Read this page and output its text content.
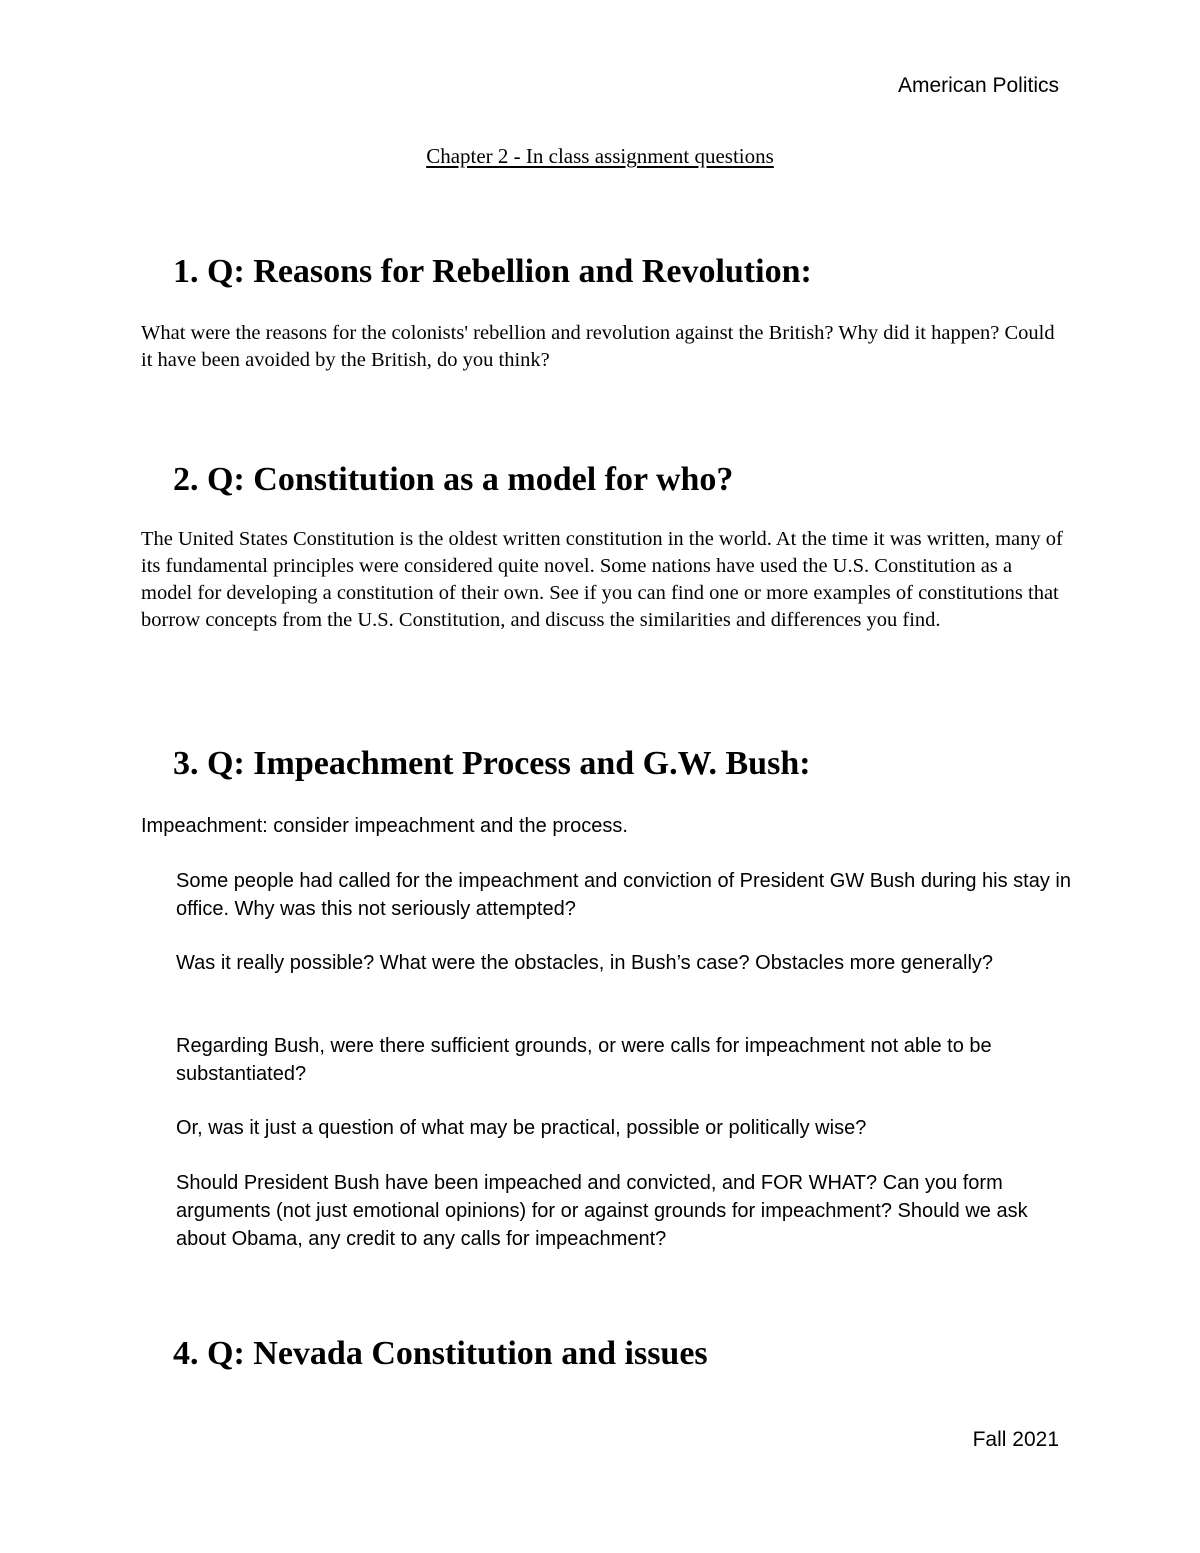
American Politics
Chapter 2 - In class assignment questions
1. Q: Reasons for Rebellion and Revolution:

What were the reasons for the colonists' rebellion and revolution against the British? Why did it happen? Could it have been avoided by the British, do you think?

2. Q: Constitution as a model for who?

The United States Constitution is the oldest written constitution in the world. At the time it was written, many of its fundamental principles were considered quite novel. Some nations have used the U.S. Constitution as a model for developing a constitution of their own. See if you can find one or more examples of constitutions that borrow concepts from the U.S. Constitution, and discuss the similarities and differences you find.

3. Q: Impeachment Process and G.W. Bush:
Impeachment: consider impeachment and the process.
Some people had called for the impeachment and conviction of President GW Bush during his stay in office. Why was this not seriously attempted?
Was it really possible? What were the obstacles, in Bush’s case? Obstacles more generally?
Regarding Bush, were there sufficient grounds, or were calls for impeachment not able to be substantiated?
Or, was it just a question of what may be practical, possible or politically wise?
Should President Bush have been impeached and convicted, and FOR WHAT? Can you form arguments (not just emotional opinions) for or against grounds for impeachment? Should we ask about Obama, any credit to any calls for impeachment?
4. Q: Nevada Constitution and issues
Fall 2021
